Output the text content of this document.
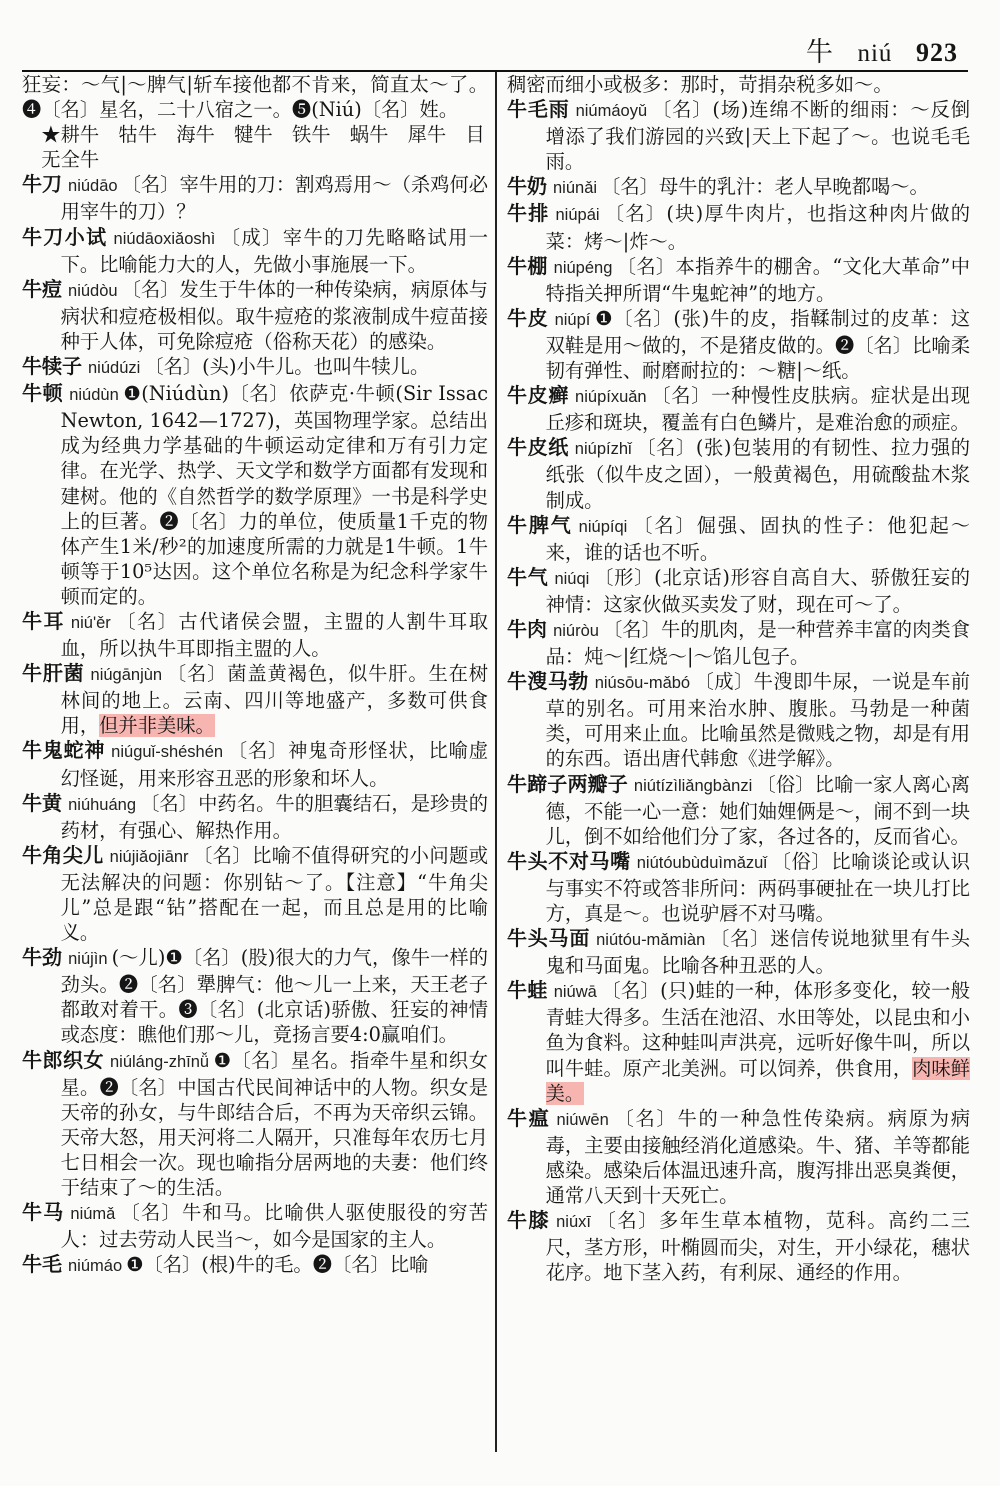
牛 niú 923

狂妄：～气|～脾气|斩车接他都不肯来，简直太～了。❹〔名〕星名，二十八宿之一。❺(Niú)〔名〕姓。

★耕牛　牯牛　海牛　犍牛　铁牛　蜗牛　犀牛　目无全牛

牛刀 niúdāo 〔名〕宰牛用的刀：割鸡焉用～（杀鸡何必用宰牛的刀）？

牛刀小试 niúdāoxiǎoshì 〔成〕宰牛的刀先略略试用一下。比喻能力大的人，先做小事施展一下。

牛痘 niúdòu 〔名〕发生于牛体的一种传染病，病原体与病状和痘疮极相似。取牛痘疮的浆液制成牛痘苗接种于人体，可免除痘疮（俗称天花）的感染。

牛犊子 niúdúzi 〔名〕(头)小牛儿。也叫牛犊儿。

牛顿 niúdùn ❶(Niúdùn)〔名〕依萨克·牛顿(Sir Issac Newton, 1642—1727)，英国物理学家。总结出成为经典力学基础的牛顿运动定律和万有引力定律。在光学、热学、天文学和数学方面都有发现和建树。他的《自然哲学的数学原理》一书是科学史上的巨著。❷〔名〕力的单位，使质量1千克的物体产生1米/秒²的加速度所需的力就是1牛顿。1牛顿等于10⁵达因。这个单位名称是为纪念科学家牛顿而定的。

牛耳 niú'ěr 〔名〕古代诸侯会盟，主盟的人割牛耳取血，所以执牛耳即指主盟的人。

牛肝菌 niúgānjùn 〔名〕菌盖黄褐色，似牛肝。生在树林间的地上。云南、四川等地盛产，多数可供食用，但并非美味。

牛鬼蛇神 niúguǐ-shéshén 〔名〕神鬼奇形怪状，比喻虚幻怪诞，用来形容丑恶的形象和坏人。

牛黄 niúhuáng 〔名〕中药名。牛的胆囊结石，是珍贵的药材，有强心、解热作用。

牛角尖儿 niújiǎojiānr 〔名〕比喻不值得研究的小问题或无法解决的问题：你别钻～了。【注意】“牛角尖儿”总是跟“钻”搭配在一起，而且总是用的比喻义。

牛劲 niújìn (～儿)❶〔名〕(股)很大的力气，像牛一样的劲头。❷〔名〕犟脾气：他～儿一上来，天王老子都敢对着干。❸〔名〕(北京话)骄傲、狂妄的神情或态度：瞧他们那～儿，竟扬言要4:0赢咱们。

牛郎织女 niúláng-zhīnǚ ❶〔名〕星名。指牵牛星和织女星。❷〔名〕中国古代民间神话中的人物。织女是天帝的孙女，与牛郎结合后，不再为天帝织云锦。天帝大怒，用天河将二人隔开，只准每年农历七月七日相会一次。现也喻指分居两地的夫妻：他们终于结束了～的生活。

牛马 niúmǎ 〔名〕牛和马。比喻供人驱使服役的穷苦人：过去劳动人民当～，如今是国家的主人。

牛毛 niúmáo ❶〔名〕(根)牛的毛。❷〔名〕比喻

稠密而细小或极多：那时，苛捐杂税多如～。

牛毛雨 niúmáoyǔ 〔名〕(场)连绵不断的细雨：～反倒增添了我们游园的兴致|天上下起了～。也说毛毛雨。

牛奶 niúnǎi 〔名〕母牛的乳汁：老人早晚都喝～。

牛排 niúpái 〔名〕(块)厚牛肉片，也指这种肉片做的菜：烤～|炸～。

牛棚 niúpéng 〔名〕本指养牛的棚舍。“文化大革命”中特指关押所谓“牛鬼蛇神”的地方。

牛皮 niúpí ❶〔名〕(张)牛的皮，指鞣制过的皮革：这双鞋是用～做的，不是猪皮做的。❷〔名〕比喻柔韧有弹性、耐磨耐拉的：～糖|～纸。

牛皮癣 niúpíxuǎn 〔名〕一种慢性皮肤病。症状是出现丘疹和斑块，覆盖有白色鳞片，是难治愈的顽症。

牛皮纸 niúpízhǐ 〔名〕(张)包装用的有韧性、拉力强的纸张（似牛皮之固），一般黄褐色，用硫酸盐木浆制成。

牛脾气 niúpíqi 〔名〕倔强、固执的性子：他犯起～来，谁的话也不听。

牛气 niúqi 〔形〕(北京话)形容自高自大、骄傲狂妄的神情：这家伙做买卖发了财，现在可～了。

牛肉 niúròu 〔名〕牛的肌肉，是一种营养丰富的肉类食品：炖～|红烧～|～馅儿包子。

牛溲马勃 niúsōu-mǎbó 〔成〕牛溲即牛尿，一说是车前草的别名。可用来治水肿、腹胀。马勃是一种菌类，可用来止血。比喻虽然是微贱之物，却是有用的东西。语出唐代韩愈《进学解》。

牛蹄子两瓣子 niútízìliǎngbànzi 〔俗〕比喻一家人离心离德，不能一心一意：她们妯娌俩是～，闹不到一块儿，倒不如给他们分了家，各过各的，反而省心。

牛头不对马嘴 niútóubùduìmǎzuǐ 〔俗〕比喻谈论或认识与事实不符或答非所问：两码事硬扯在一块儿打比方，真是～。也说驴唇不对马嘴。

牛头马面 niútóu-mǎmiàn 〔名〕迷信传说地狱里有牛头鬼和马面鬼。比喻各种丑恶的人。

牛蛙 niúwā 〔名〕(只)蛙的一种，体形多变化，较一般青蛙大得多。生活在池沼、水田等处，以昆虫和小鱼为食料。这种蛙叫声洪亮，远听好像牛叫，所以叫牛蛙。原产北美洲。可以饲养，供食用，肉味鲜美。

牛瘟 niúwēn 〔名〕牛的一种急性传染病。病原为病毒，主要由接触经消化道感染。牛、猪、羊等都能感染。感染后体温迅速升高，腹泻排出恶臭粪便，通常八天到十天死亡。

牛膝 niúxī 〔名〕多年生草本植物，苋科。高约二三尺，茎方形，叶椭圆而尖，对生，开小绿花，穗状花序。地下茎入药，有利尿、通经的作用。
